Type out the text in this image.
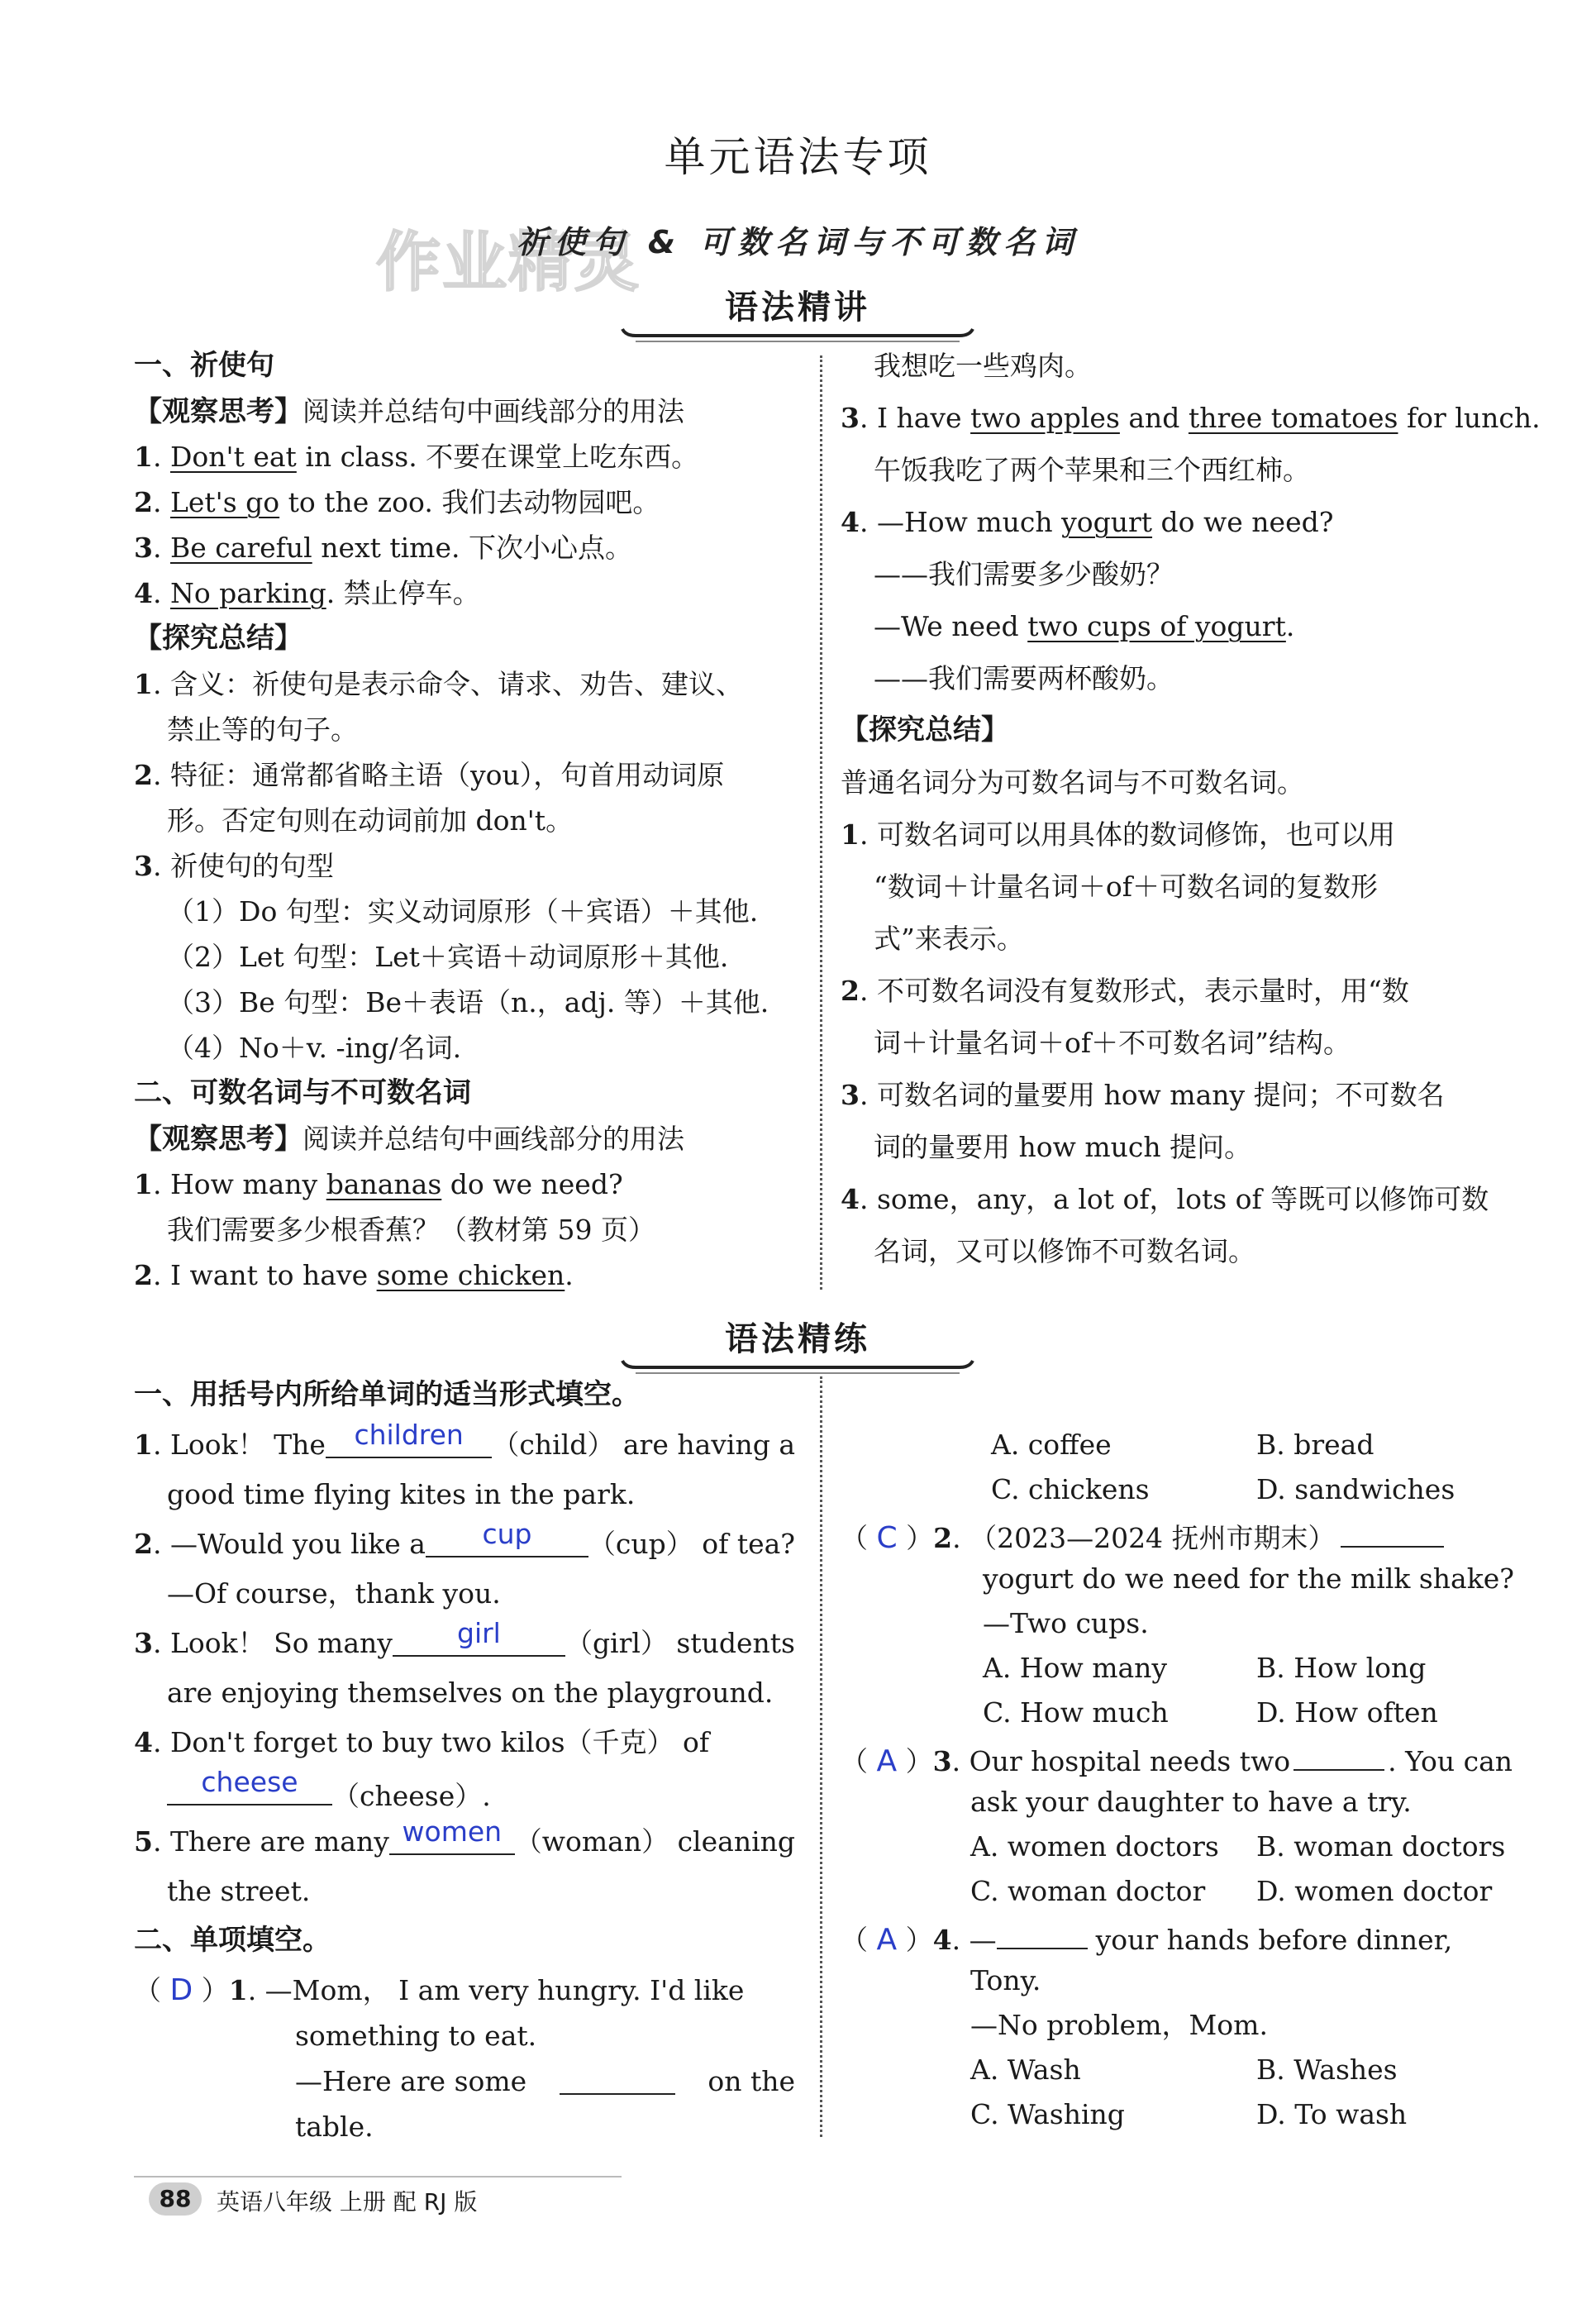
单元语法专项
作业精灵
祈使句 & 可数名词与不可数名词
语法精讲
一、祈使句
【观察思考】阅读并总结句中画线部分的用法
1. Don't eat in class. 不要在课堂上吃东西。
2. Let's go to the zoo. 我们去动物园吧。
3. Be careful next time. 下次小心点。
4. No parking. 禁止停车。
【探究总结】
1. 含义：祈使句是表示命令、请求、劝告、建议、
禁止等的句子。
2. 特征：通常都省略主语（you），句首用动词原
形。否定句则在动词前加 don't。
3. 祈使句的句型
（1）Do 句型：实义动词原形（＋宾语）＋其他.
（2）Let 句型：Let＋宾语＋动词原形＋其他.
（3）Be 句型：Be＋表语（n.，adj. 等）＋其他.
（4）No＋v. -ing/名词.
二、可数名词与不可数名词
【观察思考】阅读并总结句中画线部分的用法
1. How many bananas do we need?
我们需要多少根香蕉？（教材第 59 页）
2. I want to have some chicken.
我想吃一些鸡肉。
3. I have two apples and three tomatoes for lunch.
午饭我吃了两个苹果和三个西红柿。
4. —How much yogurt do we need?
——我们需要多少酸奶？
—We need two cups of yogurt.
——我们需要两杯酸奶。
【探究总结】
普通名词分为可数名词与不可数名词。
1. 可数名词可以用具体的数词修饰，也可以用
“数词＋计量名词＋of＋可数名词的复数形
式”来表示。
2. 不可数名词没有复数形式，表示量时，用“数
词＋计量名词＋of＋不可数名词”结构。
3. 可数名词的量要用 how many 提问；不可数名
词的量要用 how much 提问。
4. some，any，a lot of，lots of 等既可以修饰可数
名词，又可以修饰不可数名词。
语法精练
一、用括号内所给单词的适当形式填空。
1. Look！ The	children	（child） are having a
good time flying kites in the park.
2. —Would you like a	cup	（cup） of tea?
—Of course，thank you.
3. Look！ So many	girl	（girl） students
are enjoying themselves on the playground.
4. Don't forget to buy two kilos（千克） of
cheese	（cheese）.
5. There are many women （woman） cleaning
the street.
二、单项填空。
（ D ）1. —Mom， I am very hungry. I'd like
something to eat.
—Here are some	on the
table.
A. coffee	B. bread
C. chickens	D. sandwiches
（ C ）2. （2023—2024 抚州市期末）
yogurt do we need for the milk shake?
—Two cups.
A. How many	B. How long
C. How much	D. How often
（ A ）3. Our hospital needs two	. You can
ask your daughter to have a try.
A. women doctors B. woman doctors
C. woman doctor D. women doctor
（ A ）4. —	your hands before dinner,
Tony.
—No problem，Mom.
A. Wash	B. Washes
C. Washing	D. To wash
88	英语八年级 上册 配 RJ 版
